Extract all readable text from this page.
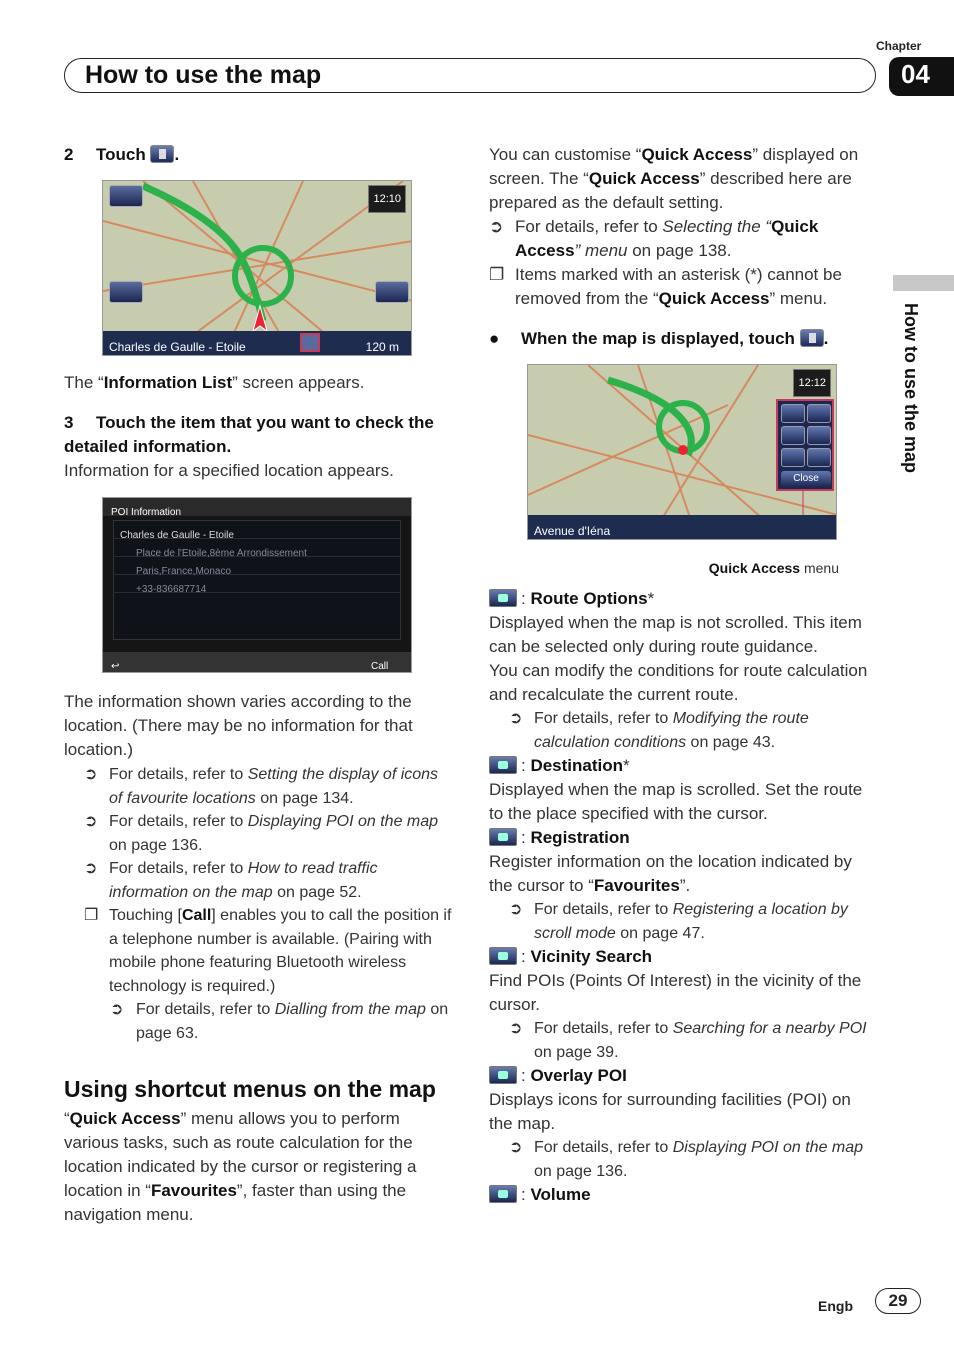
Chapter
04
How to use the map
How to use the map

2 Touch .

12:10
Charles de Gaulle - Etoile	120 m

The “Information List” screen appears.

3 Touch the item that you want to check the detailed information.

Information for a specified location appears.

POI Information
Charles de Gaulle - Etoile
Place de l'Etoile,8ème Arrondissement
Paris,France,Monaco
+33-836687714
↩	Call

The information shown varies according to the location. (There may be no information for that location.)

➲ For details, refer to Setting the display of icons of favourite locations on page 134.

➲ For details, refer to Displaying POI on the map on page 136.

➲ For details, refer to How to read traffic information on the map on page 52.

❐ Touching [Call] enables you to call the position if a telephone number is available. (Pairing with mobile phone featuring Bluetooth wireless technology is required.)

➲ For details, refer to Dialling from the map on page 63.

Using shortcut menus on the map

“Quick Access” menu allows you to perform various tasks, such as route calculation for the location indicated by the cursor or registering a location in “Favourites”, faster than using the navigation menu.

You can customise “Quick Access” displayed on screen. The “Quick Access” described here are prepared as the default setting.

➲ For details, refer to Selecting the “Quick Access” menu on page 138.

❐ Items marked with an asterisk (*) cannot be removed from the “Quick Access” menu.

● When the map is displayed, touch .

12:12
Close
Avenue d'Iéna

Quick Access menu

: Route Options*

Displayed when the map is not scrolled. This item can be selected only during route guidance.

You can modify the conditions for route calculation and recalculate the current route.

➲ For details, refer to Modifying the route calculation conditions on page 43.

: Destination*

Displayed when the map is scrolled. Set the route to the place specified with the cursor.

: Registration

Register information on the location indicated by the cursor to “Favourites”.

➲ For details, refer to Registering a location by scroll mode on page 47.

: Vicinity Search

Find POIs (Points Of Interest) in the vicinity of the cursor.

➲ For details, refer to Searching for a nearby POI on page 39.

: Overlay POI

Displays icons for surrounding facilities (POI) on the map.

➲ For details, refer to Displaying POI on the map on page 136.

: Volume

Engb	29
